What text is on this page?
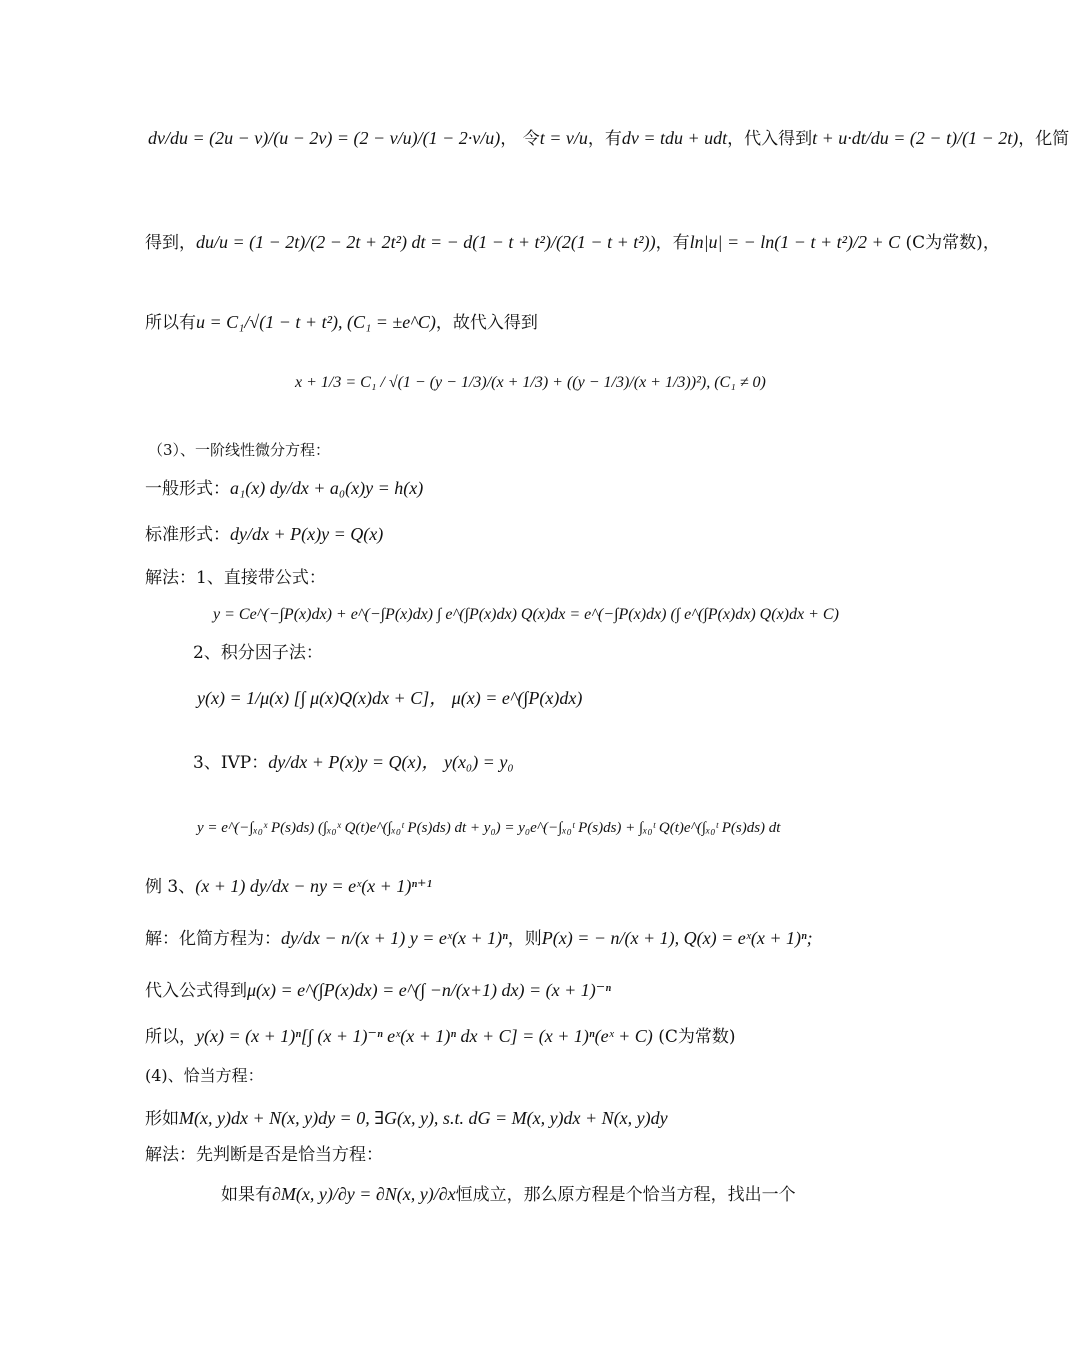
dv/du = (2u − v)/(u − 2v) = (2 − v/u)/(1 − 2·v/u)， 令t = v/u，有dv = tdu + udt，代入得到t + u·dt/du = (2 − t)/(1 − 2t)，化简
得到，du/u = (1 − 2t)/(2 − 2t + 2t²) dt = − d(1 − t + t²)/(2(1 − t + t²))，有ln|u| = − ln(1 − t + t²)/2 + C (C为常数)，
所以有u = C₁/√(1 − t + t²), (C₁ = ±e^C)，故代入得到
x + 1/3 = C₁ / √(1 − (y − 1/3)/(x + 1/3) + ((y − 1/3)/(x + 1/3))²), (C₁ ≠ 0)
（3）、一阶线性微分方程：
一般形式：a₁(x) dy/dx + a₀(x)y = h(x)
标准形式：dy/dx + P(x)y = Q(x)
解法：1、直接带公式：
y = Ce^(−∫P(x)dx) + e^(−∫P(x)dx) ∫ e^(∫P(x)dx) Q(x)dx = e^(−∫P(x)dx) (∫ e^(∫P(x)dx) Q(x)dx + C)
2、积分因子法：
y(x) = 1/μ(x) [∫ μ(x)Q(x)dx + C]， μ(x) = e^(∫P(x)dx)
3、IVP：dy/dx + P(x)y = Q(x)， y(x₀) = y₀
y = e^(−∫ₓ₀ˣ P(s)ds) (∫ₓ₀ˣ Q(t)e^(∫ₓ₀ᵗ P(s)ds) dt + y₀) = y₀e^(−∫ₓ₀ᵗ P(s)ds) + ∫ₓ₀ᵗ Q(t)e^(∫ₓ₀ᵗ P(s)ds) dt
例 3、(x + 1) dy/dx − ny = eˣ(x + 1)ⁿ⁺¹
解：化简方程为：dy/dx − n/(x + 1) y = eˣ(x + 1)ⁿ，则P(x) = − n/(x + 1), Q(x) = eˣ(x + 1)ⁿ;
代入公式得到μ(x) = e^(∫P(x)dx) = e^(∫ −n/(x+1) dx) = (x + 1)⁻ⁿ
所以，y(x) = (x + 1)ⁿ[∫ (x + 1)⁻ⁿ eˣ(x + 1)ⁿ dx + C] = (x + 1)ⁿ(eˣ + C) (C为常数)
(4)、恰当方程：
形如M(x, y)dx + N(x, y)dy = 0, ∃G(x, y), s.t. dG = M(x, y)dx + N(x, y)dy
解法：先判断是否是恰当方程：
如果有∂M(x, y)/∂y = ∂N(x, y)/∂x恒成立，那么原方程是个恰当方程，找出一个
